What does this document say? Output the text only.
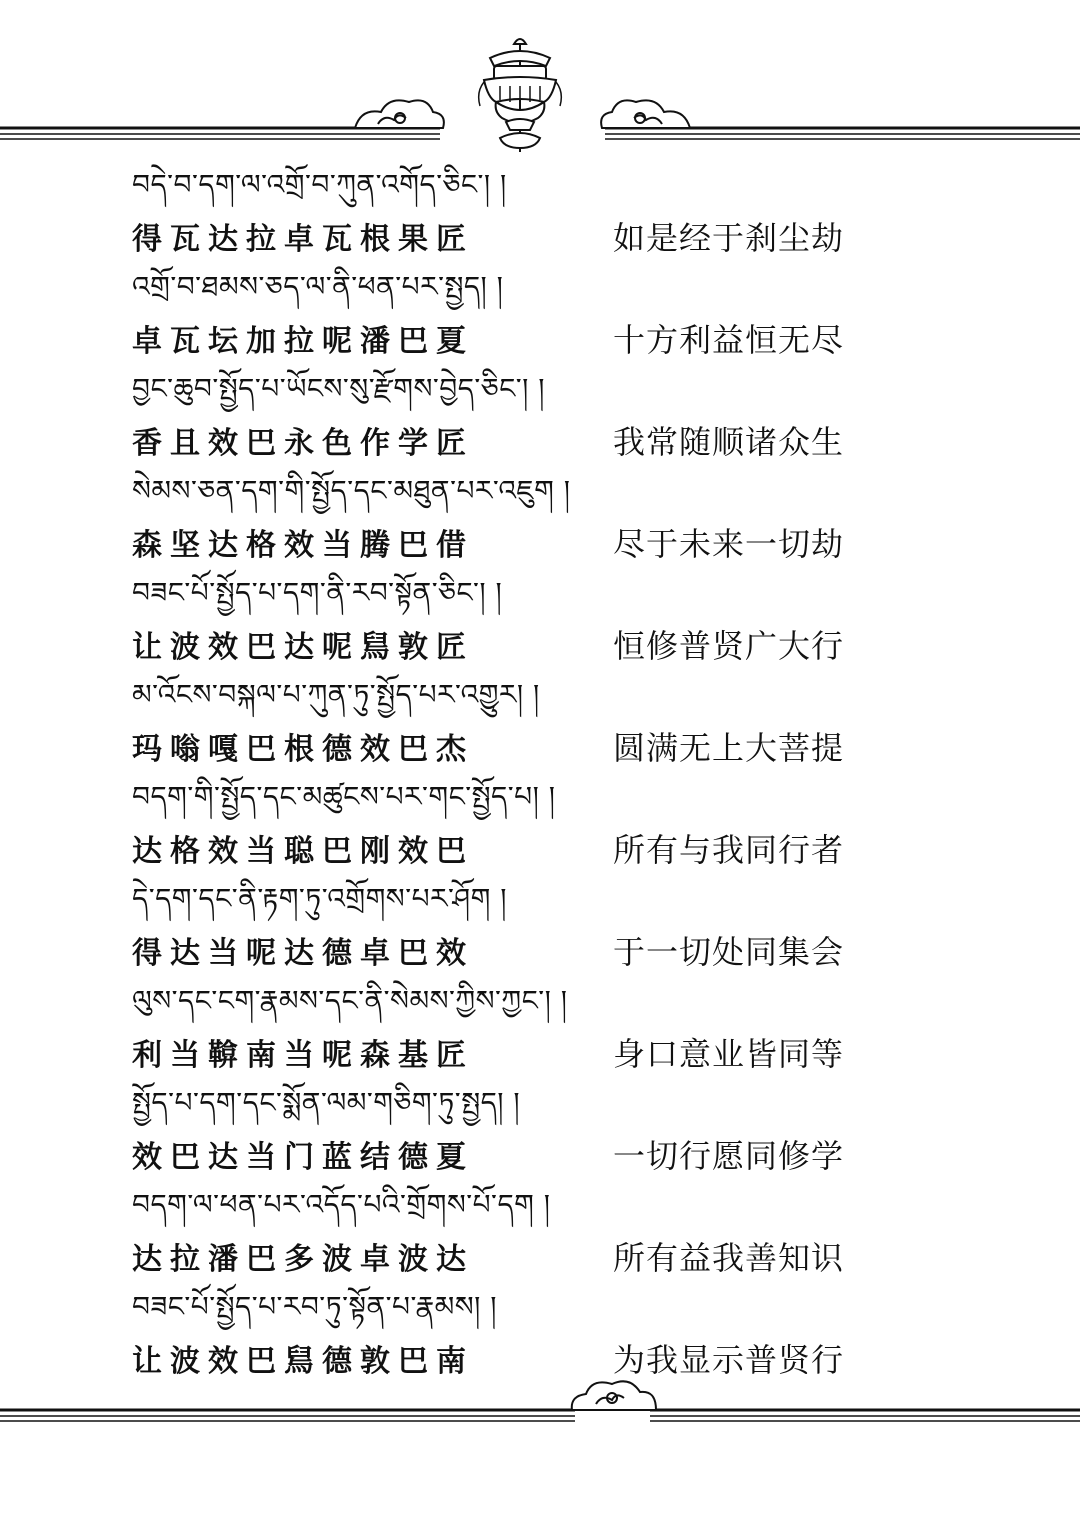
བདེ་བ་དག་ལ་འགྲོ་བ་ཀུན་འགོད་ཅིང་། །
得瓦达拉卓瓦根果匠	如是经于刹尘劫
འགྲོ་བ་ཐམས་ཅད་ལ་ནི་ཕན་པར་སྤྱད། །
卓瓦坛加拉呢潘巴夏	十方利益恒无尽
བྱང་ཆུབ་སྤྱོད་པ་ཡོངས་སུ་རྫོགས་བྱེད་ཅིང་། །
香且效巴永色作学匠	我常随顺诸众生
སེམས་ཅན་དག་གི་སྤྱོད་དང་མཐུན་པར་འཇུག །
森坚达格效当腾巴借	尽于未来一切劫
བཟང་པོ་སྤྱོད་པ་དག་ནི་རབ་སྟོན་ཅིང་། །
让波效巴达呢舃敦匠	恒修普贤广大行
མ་འོངས་བསྐལ་པ་ཀུན་ཏུ་སྤྱོད་པར་འགྱུར། །
玛嗡嘎巴根德效巴杰	圆满无上大菩提
བདག་གི་སྤྱོད་དང་མཚུངས་པར་གང་སྤྱོད་པ། །
达格效当聪巴刚效巴	所有与我同行者
དེ་དག་དང་ནི་རྟག་ཏུ་འགྲོགས་པར་ཤོག །
得达当呢达德卓巴效	于一切处同集会
ལུས་དང་ངག་རྣམས་དང་ནི་སེམས་ཀྱིས་ཀྱང་། །
利当鞥南当呢森基匠	身口意业皆同等
སྤྱོད་པ་དག་དང་སྨོན་ལམ་གཅིག་ཏུ་སྤྱད། །
效巴达当门蓝结德夏	一切行愿同修学
བདག་ལ་ཕན་པར་འདོད་པའི་གྲོགས་པོ་དག །
达拉潘巴多波卓波达	所有益我善知识
བཟང་པོ་སྤྱོད་པ་རབ་ཏུ་སྟོན་པ་རྣམས། །
让波效巴舃德敦巴南	为我显示普贤行
